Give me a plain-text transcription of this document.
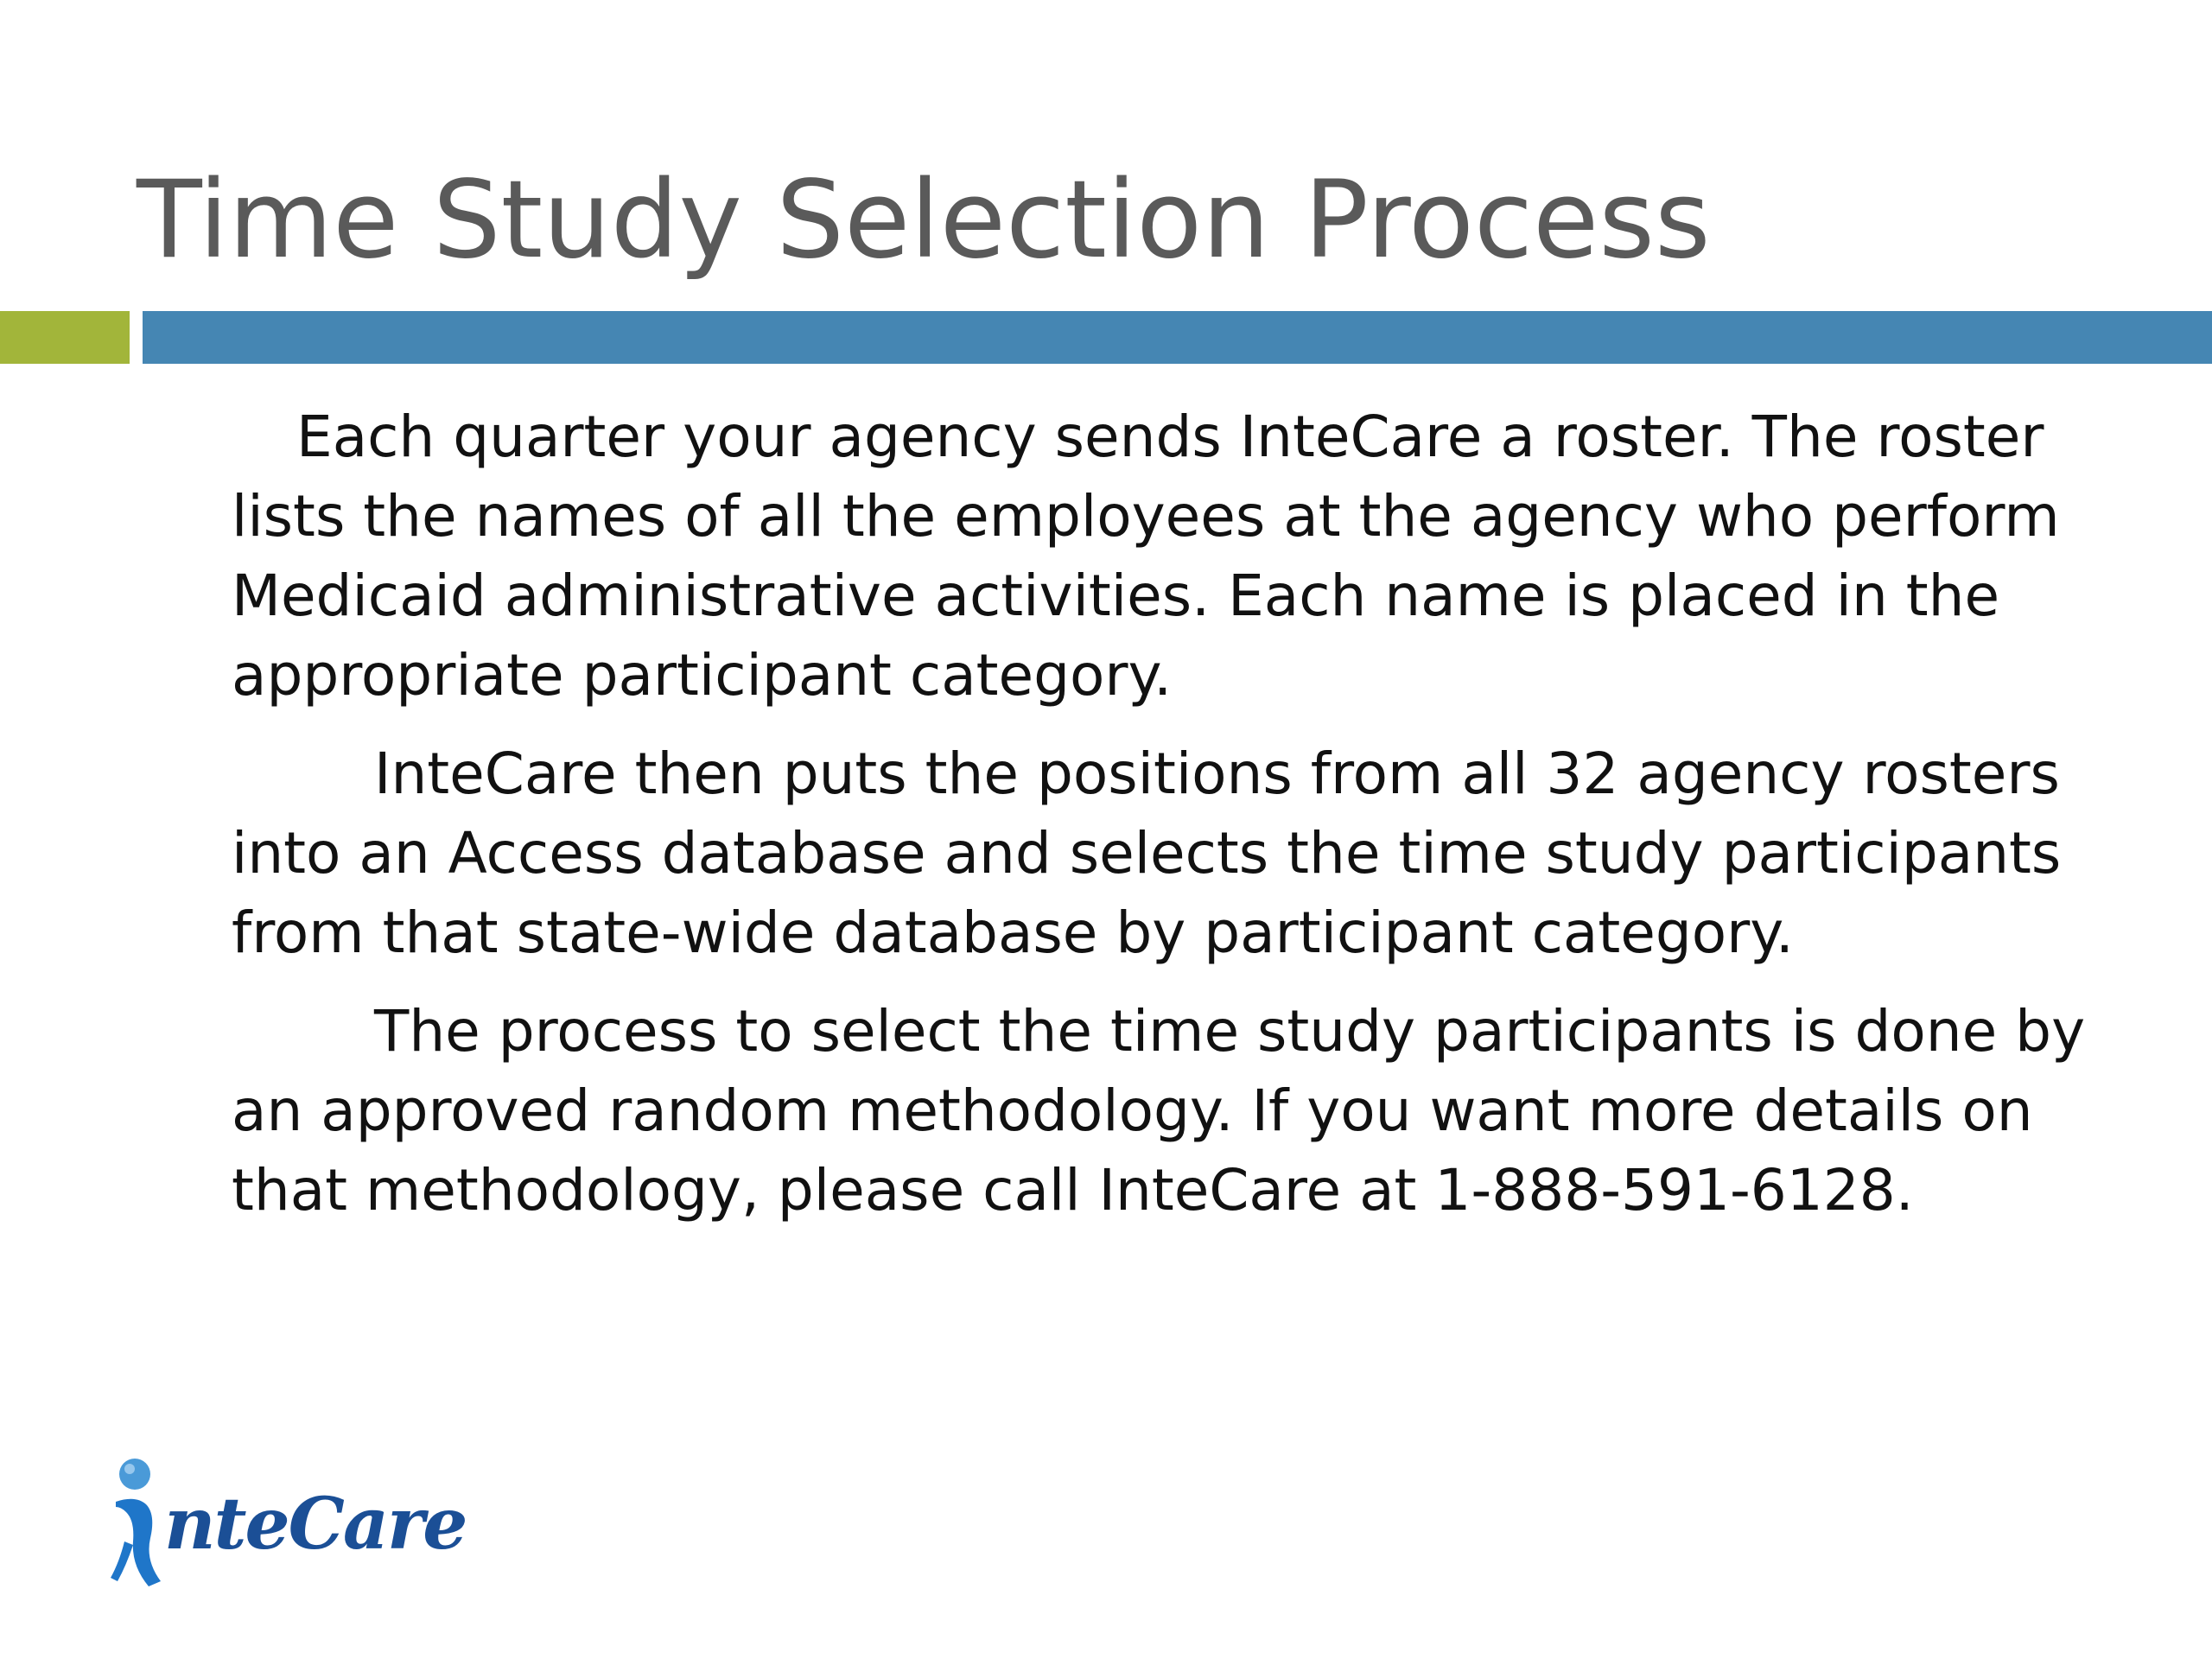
Time Study Selection Process

Each quarter your agency sends InteCare a roster. The roster lists the names of all the employees at the agency who perform Medicaid administrative activities. Each name is placed in the appropriate participant category.

InteCare then puts the positions from all 32 agency rosters into an Access database and selects the time study participants from that state-wide database by participant category.

The process to select the time study participants is done by an approved random methodology. If you want more details on that methodology, please call InteCare at 1-888-591-6128.

nteCare
